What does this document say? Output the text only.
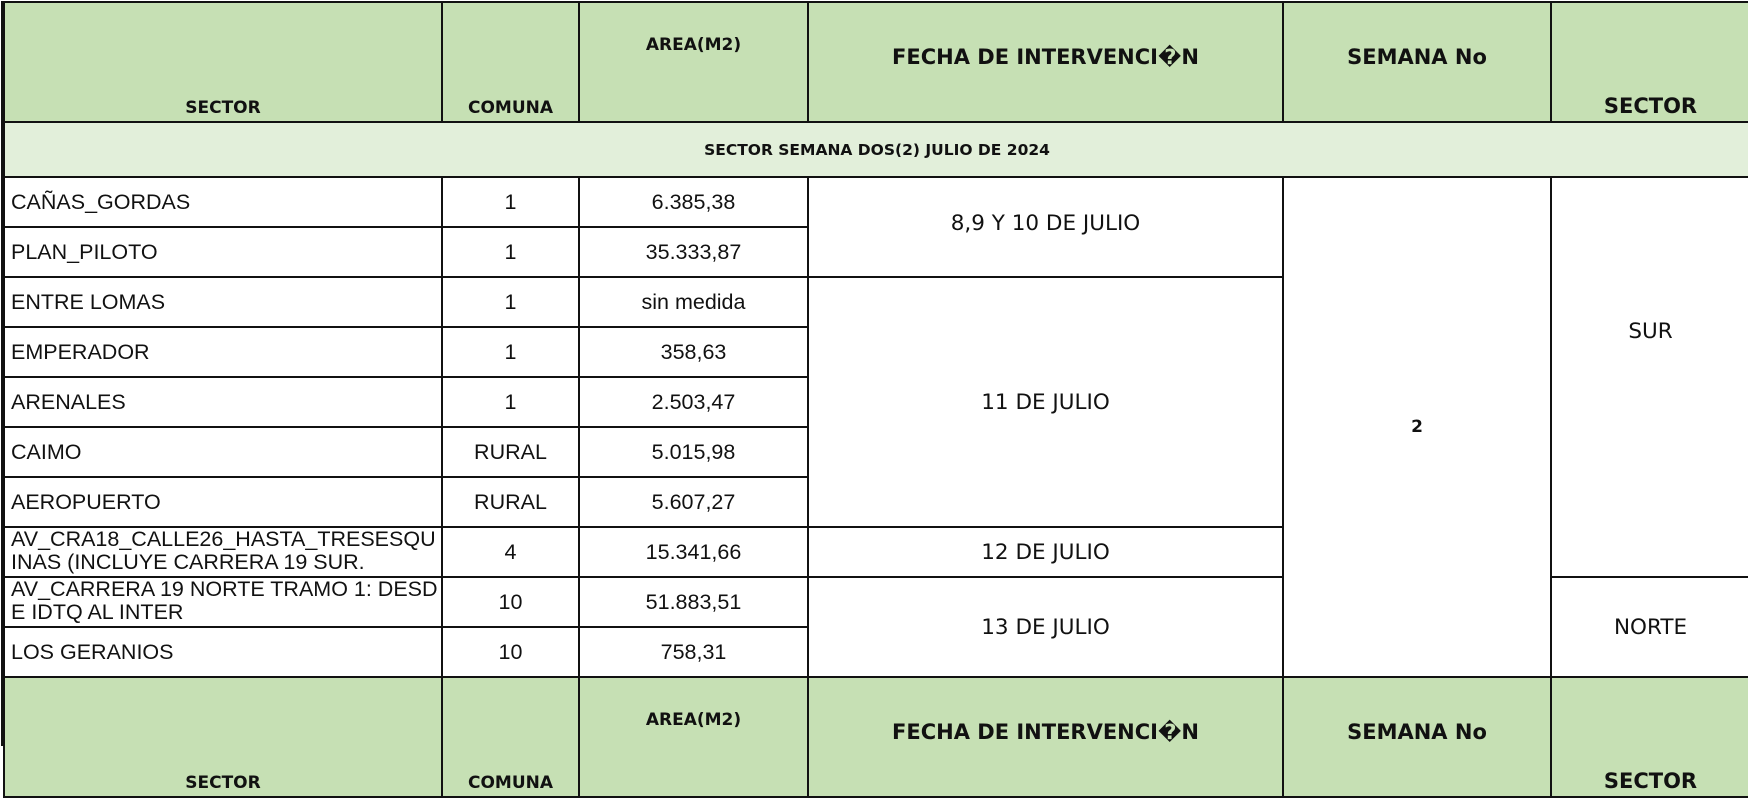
SECTOR	COMUNA	AREA(M2)	FECHA DE INTERVENCI�N	SEMANA No	SECTOR
SECTOR SEMANA DOS(2) JULIO DE 2024					
CAÑAS_GORDAS	1	6.385,38	8,9 Y 10 DE JULIO	2	SUR
PLAN_PILOTO	1	35.333,87			
ENTRE LOMAS	1	sin medida	11 DE JULIO		
EMPERADOR	1	358,63			
ARENALES	1	2.503,47			
CAIMO	RURAL	5.015,98			
AEROPUERTO	RURAL	5.607,27			
AV_CRA18_CALLE26_HASTA_TRESESQUINAS (INCLUYE CARRERA 19 SUR.	4	15.341,66	12 DE JULIO		
AV_CARRERA 19 NORTE TRAMO 1: DESDE IDTQ AL INTER	10	51.883,51	13 DE JULIO		NORTE
LOS GERANIOS	10	758,31			
SECTOR	COMUNA	AREA(M2)	FECHA DE INTERVENCI�N	SEMANA No	SECTOR
